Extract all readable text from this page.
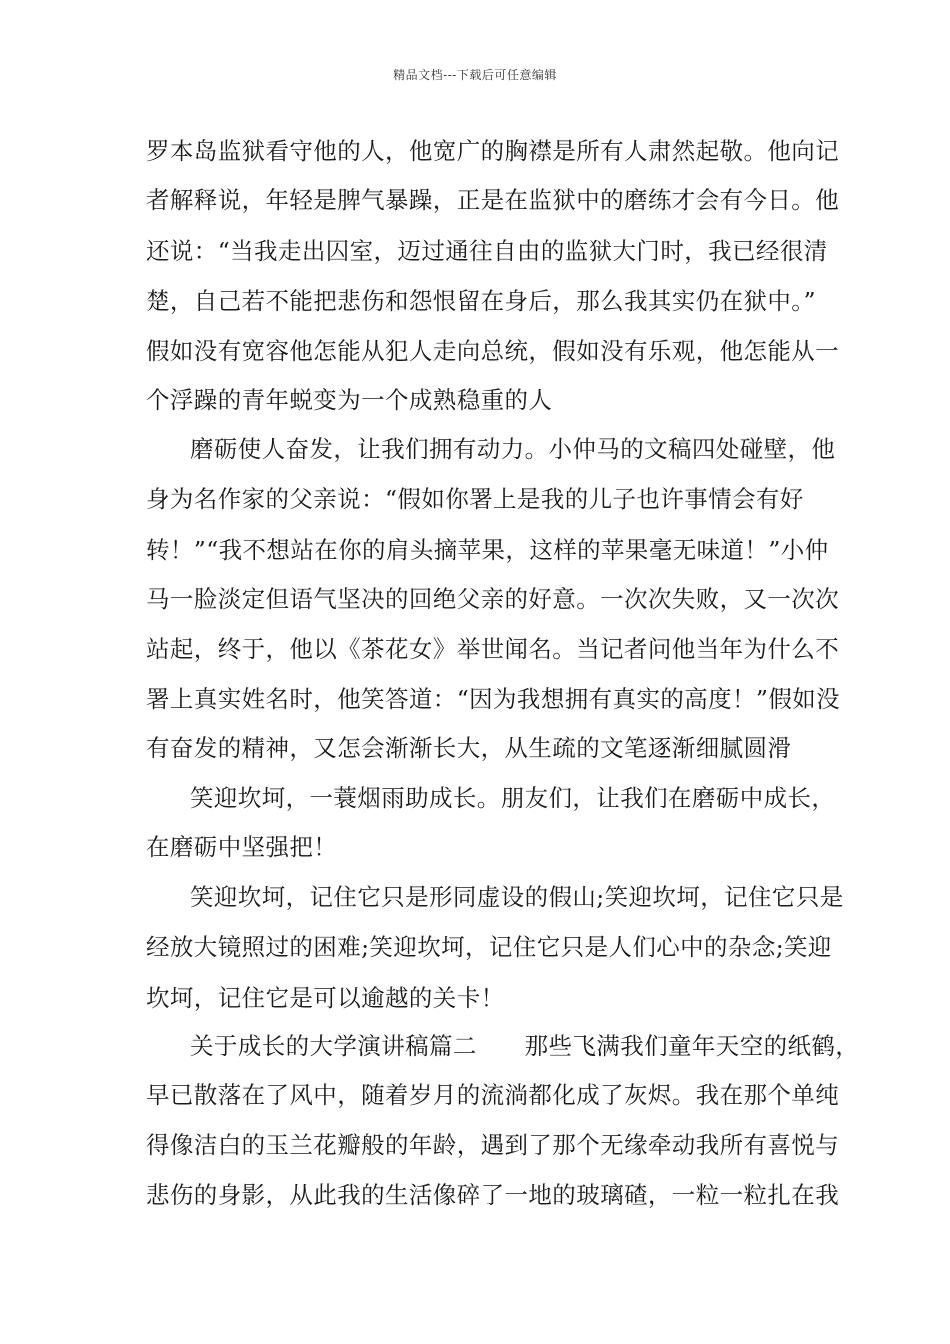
精品文档---下载后可任意编辑
罗本岛监狱看守他的人，他宽广的胸襟是所有人肃然起敬。他向记
者解释说，年轻是脾气暴躁，正是在监狱中的磨练才会有今日。他
还说：“当我走出囚室，迈过通往自由的监狱大门时，我已经很清
楚，自己若不能把悲伤和怨恨留在身后，那么我其实仍在狱中。”
假如没有宽容他怎能从犯人走向总统，假如没有乐观，他怎能从一
个浮躁的青年蜕变为一个成熟稳重的人
磨砺使人奋发，让我们拥有动力。小仲马的文稿四处碰壁，他
身为名作家的父亲说：“假如你署上是我的儿子也许事情会有好
转！”“我不想站在你的肩头摘苹果，这样的苹果毫无味道！”小仲
马一脸淡定但语气坚决的回绝父亲的好意。一次次失败，又一次次
站起，终于，他以《茶花女》举世闻名。当记者问他当年为什么不
署上真实姓名时，他笑答道：“因为我想拥有真实的高度！”假如没
有奋发的精神，又怎会渐渐长大，从生疏的文笔逐渐细腻圆滑
笑迎坎坷，一蓑烟雨助成长。朋友们，让我们在磨砺中成长，
在磨砺中坚强把！
笑迎坎坷，记住它只是形同虚设的假山;笑迎坎坷，记住它只是
经放大镜照过的困难;笑迎坎坷，记住它只是人们心中的杂念;笑迎
坎坷，记住它是可以逾越的关卡！
关于成长的大学演讲稿篇二　　那些飞满我们童年天空的纸鹤，
早已散落在了风中，随着岁月的流淌都化成了灰烬。我在那个单纯
得像洁白的玉兰花瓣般的年龄，遇到了那个无缘牵动我所有喜悦与
悲伤的身影，从此我的生活像碎了一地的玻璃碴，一粒一粒扎在我
